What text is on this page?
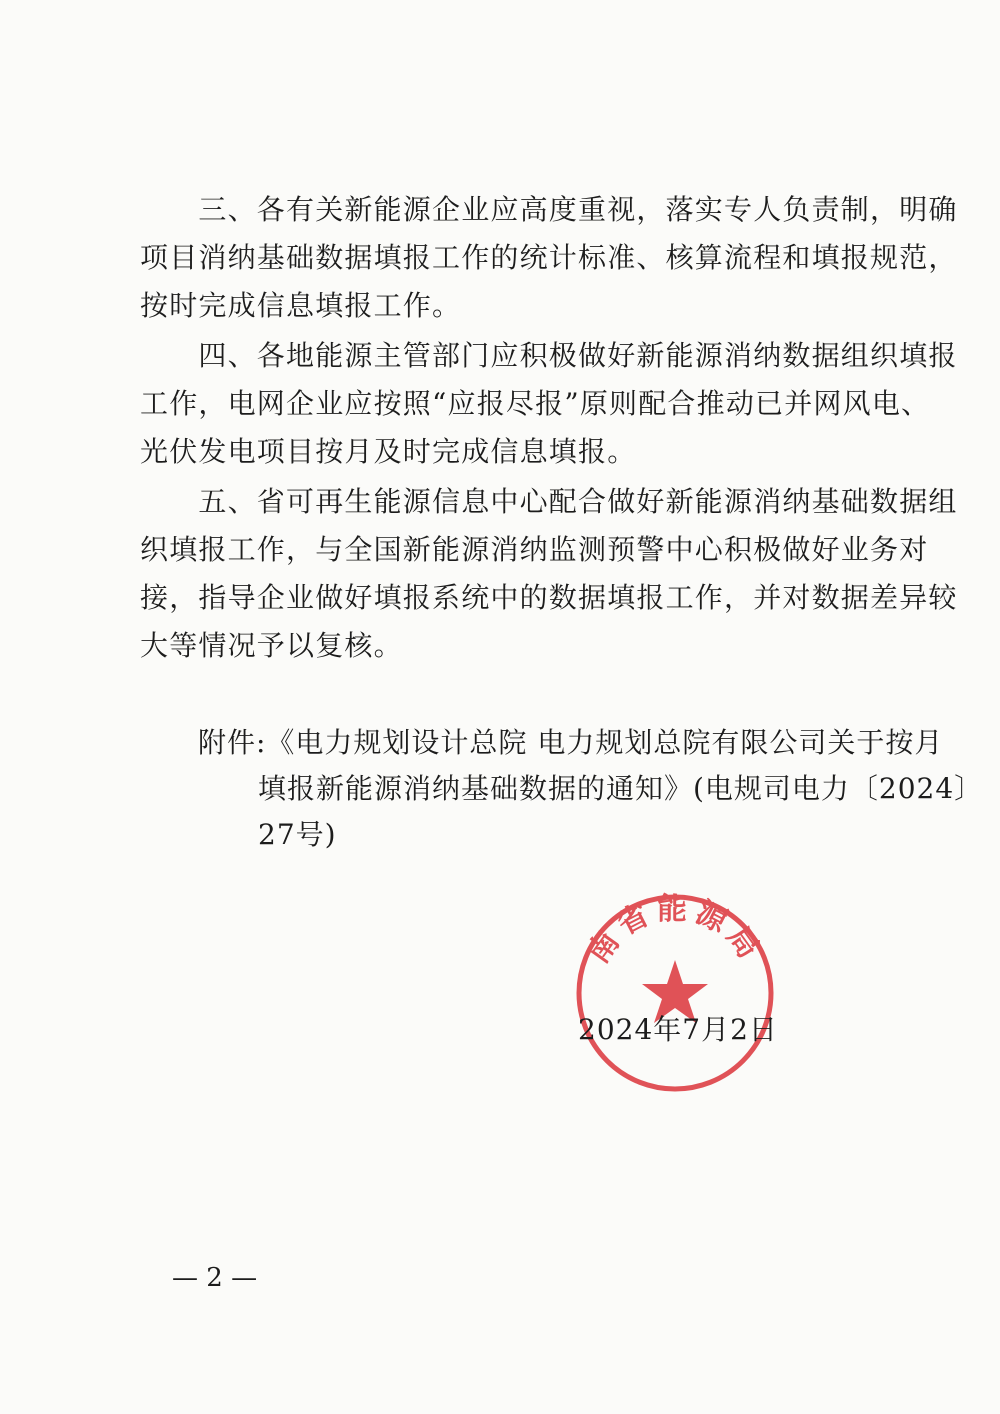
　　三、各有关新能源企业应高度重视，落实专人负责制，明确
项目消纳基础数据填报工作的统计标准、核算流程和填报规范，
按时完成信息填报工作。
　　四、各地能源主管部门应积极做好新能源消纳数据组织填报
工作，电网企业应按照“应报尽报”原则配合推动已并网风电、
光伏发电项目按月及时完成信息填报。
　　五、省可再生能源信息中心配合做好新能源消纳基础数据组
织填报工作，与全国新能源消纳监测预警中心积极做好业务对
接，指导企业做好填报系统中的数据填报工作，并对数据差异较
大等情况予以复核。
　　附件:《电力规划设计总院 电力规划总院有限公司关于按月
填报新能源消纳基础数据的通知》(电规司电力〔2024〕
27号)
南省能源局
2024年7月2日
— 2 —
